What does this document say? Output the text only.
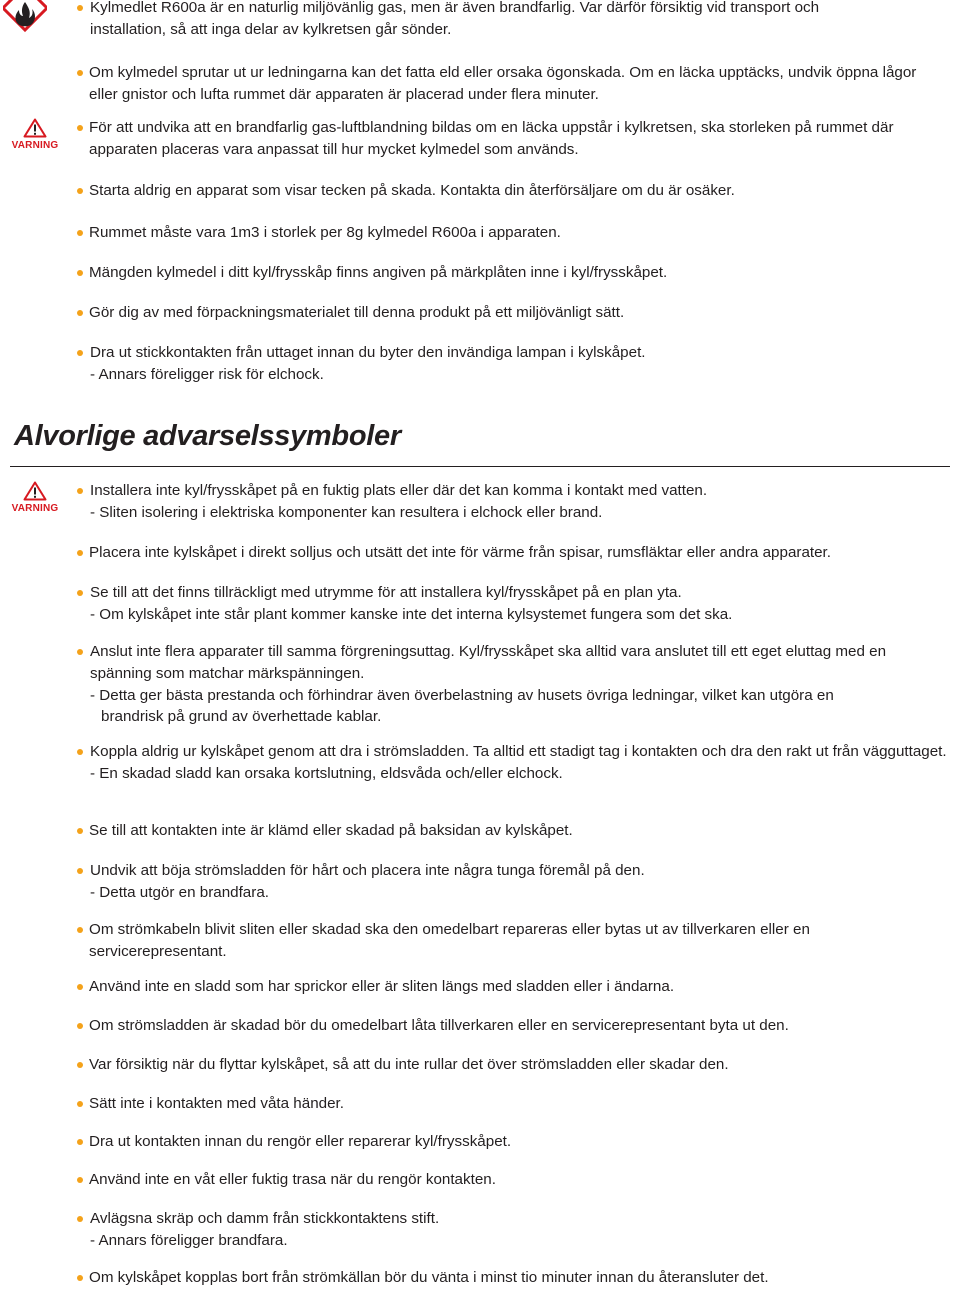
Kylmedlet R600a är en naturlig miljövänlig gas, men är även brandfarlig. Var därför försiktig vid transport och
installation, så att inga delar av kylkretsen går sönder.
Om kylmedel sprutar ut ur ledningarna kan det fatta eld eller orsaka ögonskada. Om en läcka upptäcks, undvik öppna lågor eller gnistor och lufta rummet där apparaten är placerad under flera minuter.
VARNING
För att undvika att en brandfarlig gas-luftblandning bildas om en läcka uppstår i kylkretsen, ska storleken på rummet där apparaten placeras vara anpassat till hur mycket kylmedel som används.
Starta aldrig en apparat som visar tecken på skada. Kontakta din återförsäljare om du är osäker.
Rummet måste vara 1m3 i storlek per 8g kylmedel R600a i apparaten.
Mängden kylmedel i ditt kyl/frysskåp finns angiven på märkplåten inne i kyl/frysskåpet.
Gör dig av med förpackningsmaterialet till denna produkt på ett miljövänligt sätt.
Dra ut stickkontakten från uttaget innan du byter den invändiga lampan i kylskåpet.
- Annars föreligger risk för elchock.
Alvorlige advarselssymboler
VARNING
Installera inte kyl/frysskåpet på en fuktig plats eller där det kan komma i kontakt med vatten.
- Sliten isolering i elektriska komponenter kan resultera i elchock eller brand.
Placera inte kylskåpet i direkt solljus och utsätt det inte för värme från spisar, rumsfläktar eller andra apparater.
Se till att det finns tillräckligt med utrymme för att installera kyl/frysskåpet på en plan yta.
- Om kylskåpet inte står plant kommer kanske inte det interna kylsystemet fungera som det ska.
Anslut inte flera apparater till samma förgreningsuttag. Kyl/frysskåpet ska alltid vara anslutet till ett eget eluttag med en spänning som matchar märkspänningen.
- Detta ger bästa prestanda och förhindrar även överbelastning av husets övriga ledningar, vilket kan utgöra en
brandrisk på grund av överhettade kablar.
Koppla aldrig ur kylskåpet genom att dra i strömsladden. Ta alltid ett stadigt tag i kontakten och dra den rakt ut från vägguttaget.
- En skadad sladd kan orsaka kortslutning, eldsvåda och/eller elchock.
Se till att kontakten inte är klämd eller skadad på baksidan av kylskåpet.
Undvik att böja strömsladden för hårt och placera inte några tunga föremål på den.
- Detta utgör en brandfara.
Om strömkabeln blivit sliten eller skadad ska den omedelbart repareras eller bytas ut av tillverkaren eller en servicerepresentant.
Använd inte en sladd som har sprickor eller är sliten längs med sladden eller i ändarna.
Om strömsladden är skadad bör du omedelbart låta tillverkaren eller en servicerepresentant byta ut den.
Var försiktig när du flyttar kylskåpet, så att du inte rullar det över strömsladden eller skadar den.
Sätt inte i kontakten med våta händer.
Dra ut kontakten innan du rengör eller reparerar kyl/frysskåpet.
Använd inte en våt eller fuktig trasa när du rengör kontakten.
Avlägsna skräp och damm från stickkontaktens stift.
- Annars föreligger brandfara.
Om kylskåpet kopplas bort från strömkällan bör du vänta i minst tio minuter innan du återansluter det.
